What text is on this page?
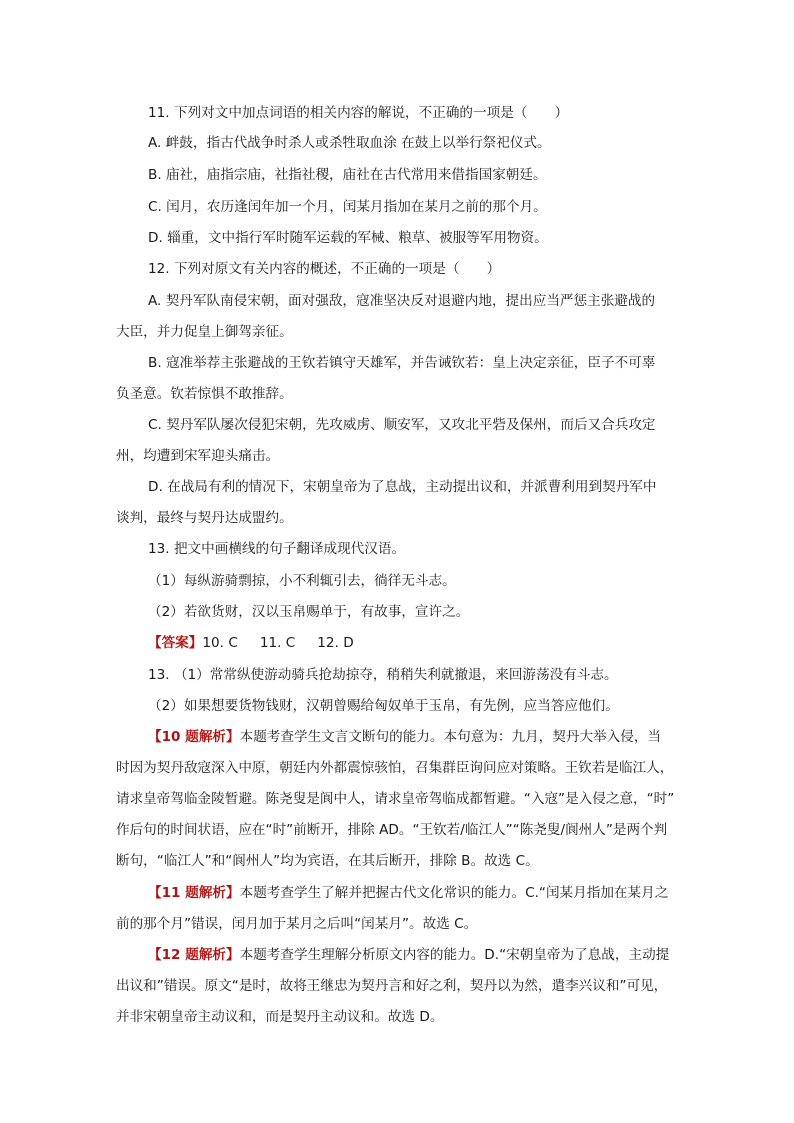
11. 下列对文中加点词语的相关内容的解说，不正确的一项是（　　）
A. 衅鼓，指古代战争时杀人或杀牲取血涂 在鼓上以举行祭祀仪式。
B. 庙社，庙指宗庙，社指社稷，庙社在古代常用来借指国家朝廷。
C. 闰月，农历逢闰年加一个月，闰某月指加在某月之前的那个月。
D. 辎重，文中指行军时随军运载的军械、粮草、被服等军用物资。
12. 下列对原文有关内容的概述，不正确的一项是（　　）
A. 契丹军队南侵宋朝，面对强敌，寇准坚决反对退避内地，提出应当严惩主张避战的
大臣，并力促皇上御驾亲征。
B. 寇准举荐主张避战的王钦若镇守天雄军，并告诫钦若：皇上决定亲征，臣子不可辜
负圣意。钦若惊惧不敢推辞。
C. 契丹军队屡次侵犯宋朝，先攻威虏、顺安军，又攻北平砦及保州，而后又合兵攻定
州，均遭到宋军迎头痛击。
D. 在战局有利的情况下，宋朝皇帝为了息战，主动提出议和，并派曹利用到契丹军中
谈判，最终与契丹达成盟约。
13. 把文中画横线的句子翻译成现代汉语。
（1）每纵游骑剽掠，小不利辄引去，徜徉无斗志。
（2）若欲货财，汉以玉帛赐单于，有故事，宣许之。
【答案】10. C 11. C 12. D
13. （1）常常纵使游动骑兵抢劫掠夺，稍稍失利就撤退，来回游荡没有斗志。
（2）如果想要货物钱财，汉朝曾赐给匈奴单于玉帛，有先例，应当答应他们。
【10 题解析】本题考查学生文言文断句的能力。本句意为：九月，契丹大举入侵，当
时因为契丹敌寇深入中原，朝廷内外都震惊骇怕，召集群臣询问应对策略。王钦若是临江人，
请求皇帝驾临金陵暂避。陈尧叟是阆中人，请求皇帝驾临成都暂避。“入寇”是入侵之意，“时”
作后句的时间状语，应在“时”前断开，排除 AD。“王钦若/临江人”“陈尧叟/阆州人”是两个判
断句，“临江人”和“阆州人”均为宾语，在其后断开，排除 B。故选 C。
【11 题解析】本题考查学生了解并把握古代文化常识的能力。C.“闰某月指加在某月之
前的那个月”错误，闰月加于某月之后叫“闰某月”。故选 C。
【12 题解析】本题考查学生理解分析原文内容的能力。D.“宋朝皇帝为了息战，主动提
出议和”错误。原文“是时，故将王继忠为契丹言和好之利，契丹以为然，遣李兴议和”可见，
并非宋朝皇帝主动议和，而是契丹主动议和。故选 D。
